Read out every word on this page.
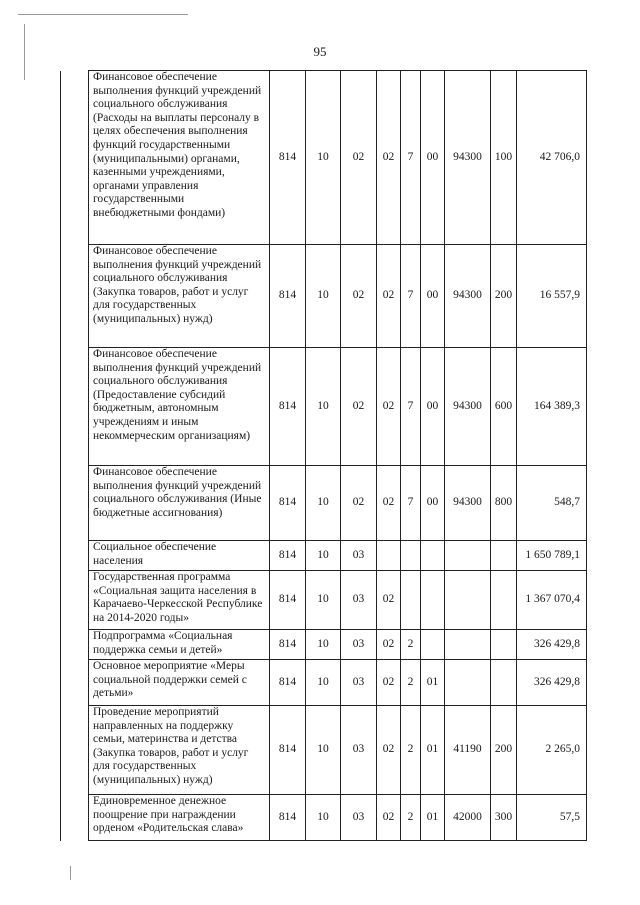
95
	Финансовое обеспечение выполнения функций учреждений социального обслуживания (Расходы на выплаты персоналу в целях обеспечения выполнения функций государственными (муниципальными) органами, казенными учреждениями, органами управления государственными внебюджетными фондами)	814	10	02	02	7	00	94300	100	42 706,0
	Финансовое обеспечение выполнения функций учреждений социального обслуживания (Закупка товаров, работ и услуг для государственных (муниципальных) нужд)	814	10	02	02	7	00	94300	200	16 557,9
	Финансовое обеспечение выполнения функций учреждений социального обслуживания (Предоставление субсидий бюджетным, автономным учреждениям и иным некоммерческим организациям)	814	10	02	02	7	00	94300	600	164 389,3
	Финансовое обеспечение выполнения функций учреждений социального обслуживания (Иные бюджетные ассигнования)	814	10	02	02	7	00	94300	800	548,7
	Социальное обеспечение населения	814	10	03						1 650 789,1
	Государственная программа «Социальная защита населения в Карачаево-Черкесской Республике на 2014-2020 годы»	814	10	03	02					1 367 070,4
	Подпрограмма «Социальная поддержка семьи и детей»	814	10	03	02	2				326 429,8
	Основное мероприятие «Меры социальной поддержки семей с детьми»	814	10	03	02	2	01			326 429,8
	Проведение мероприятий направленных на поддержку семьи, материнства и детства (Закупка товаров, работ и услуг для государственных (муниципальных) нужд)	814	10	03	02	2	01	41190	200	2 265,0
	Единовременное денежное поощрение при награждении орденом «Родительская слава»	814	10	03	02	2	01	42000	300	57,5
